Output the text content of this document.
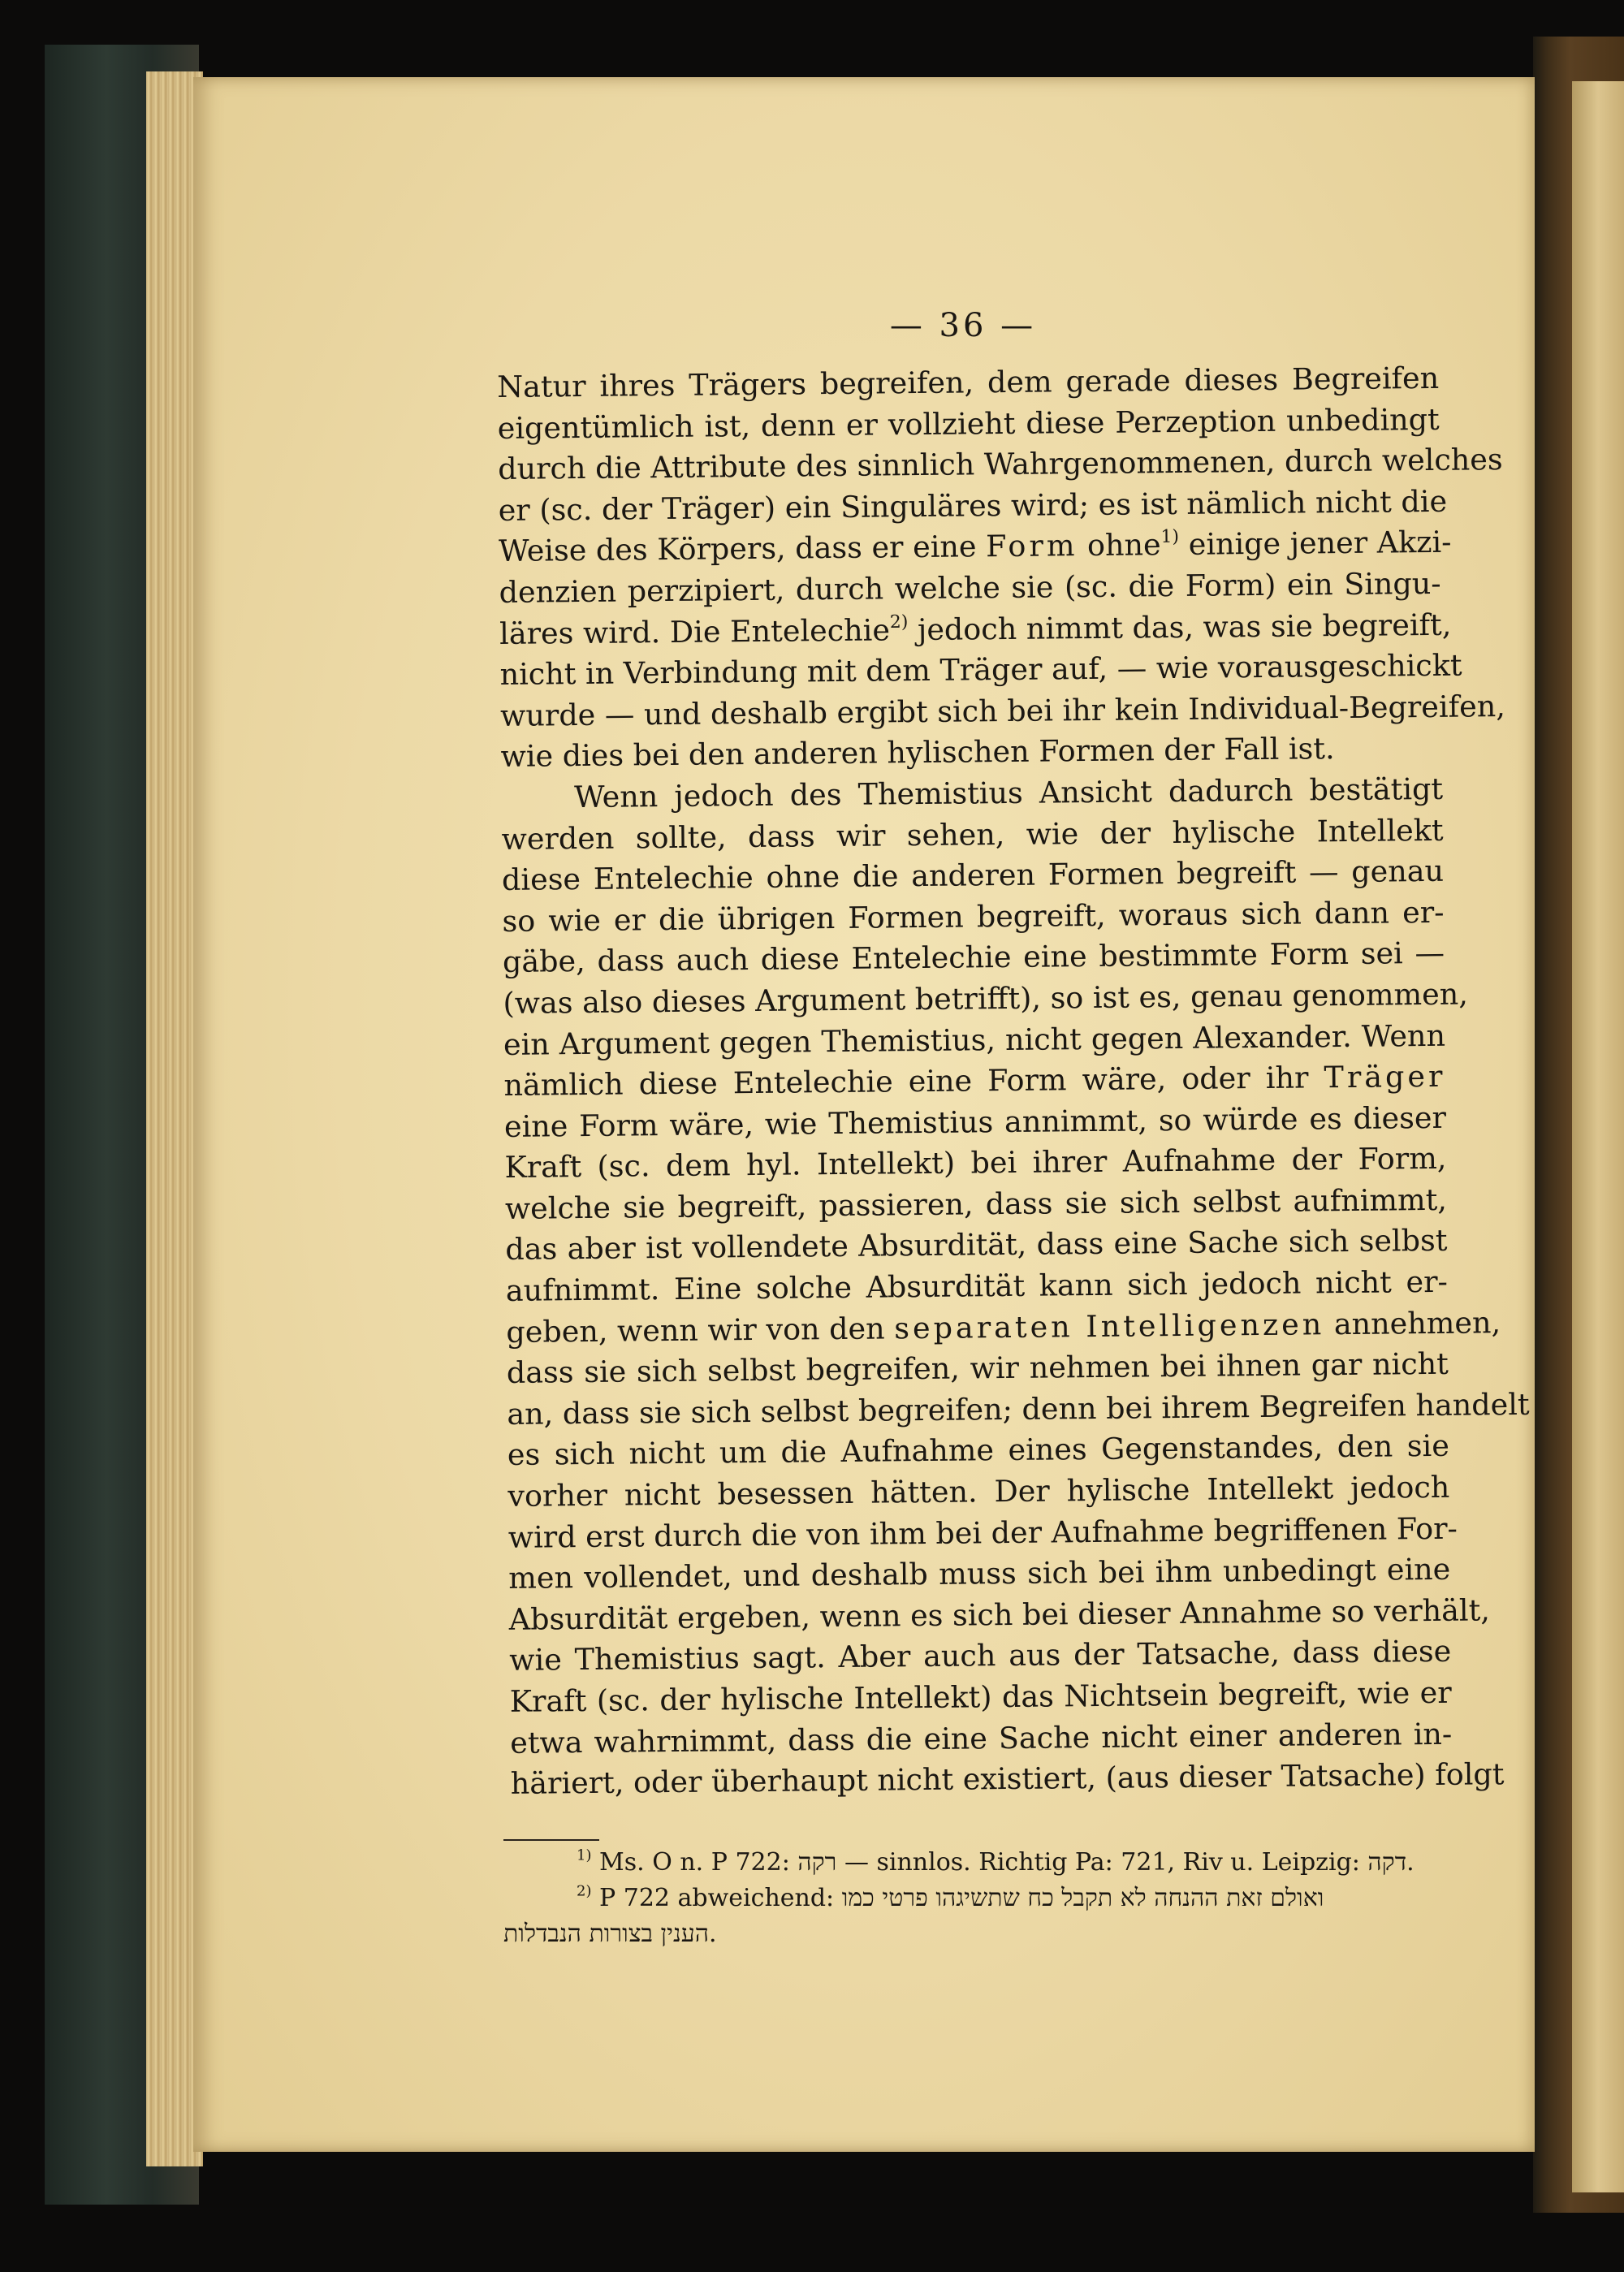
— 36 —

Natur ihres Trägers begreifen, dem gerade dieses Begreifen
eigentümlich ist, denn er vollzieht diese Perzeption unbedingt
durch die Attribute des sinnlich Wahrgenommenen, durch welches
er (sc. der Träger) ein Singuläres wird; es ist nämlich nicht die
Weise des Körpers, dass er eine Form ohne$^{1)}$ einige jener Akzi-
denzien perzipiert, durch welche sie (sc. die Form) ein Singu-
läres wird. Die Entelechie$^{2)}$ jedoch nimmt das, was sie begreift,
nicht in Verbindung mit dem Träger auf, — wie vorausgeschickt
wurde — und deshalb ergibt sich bei ihr kein Individual-Begreifen,
wie dies bei den anderen hylischen Formen der Fall ist.
Wenn jedoch des Themistius Ansicht dadurch bestätigt
werden sollte, dass wir sehen, wie der hylische Intellekt
diese Entelechie ohne die anderen Formen begreift — genau
so wie er die übrigen Formen begreift, woraus sich dann er-
gäbe, dass auch diese Entelechie eine bestimmte Form sei —
(was also dieses Argument betrifft), so ist es, genau genommen,
ein Argument gegen Themistius, nicht gegen Alexander. Wenn
nämlich diese Entelechie eine Form wäre, oder ihr Träger
eine Form wäre, wie Themistius annimmt, so würde es dieser
Kraft (sc. dem hyl. Intellekt) bei ihrer Aufnahme der Form,
welche sie begreift, passieren, dass sie sich selbst aufnimmt,
das aber ist vollendete Absurdität, dass eine Sache sich selbst
aufnimmt. Eine solche Absurdität kann sich jedoch nicht er-
geben, wenn wir von den separaten Intelligenzen annehmen,
dass sie sich selbst begreifen, wir nehmen bei ihnen gar nicht
an, dass sie sich selbst begreifen; denn bei ihrem Begreifen handelt
es sich nicht um die Aufnahme eines Gegenstandes, den sie
vorher nicht besessen hätten. Der hylische Intellekt jedoch
wird erst durch die von ihm bei der Aufnahme begriffenen For-
men vollendet, und deshalb muss sich bei ihm unbedingt eine
Absurdität ergeben, wenn es sich bei dieser Annahme so verhält,
wie Themistius sagt. Aber auch aus der Tatsache, dass diese
Kraft (sc. der hylische Intellekt) das Nichtsein begreift, wie er
etwa wahrnimmt, dass die eine Sache nicht einer anderen in-
häriert, oder überhaupt nicht existiert, (aus dieser Tatsache) folgt
$^{1)}$ Ms. O n. P 722: רקה — sinnlos. Richtig Pa: 721, Riv u. Leipzig: דקה.
$^{2)}$ P 722 abweichend: ואולם זאת ההנחה לא תקבל כח שתשיגהו פרטי כמו
הענין בצורות הנבדלות.
